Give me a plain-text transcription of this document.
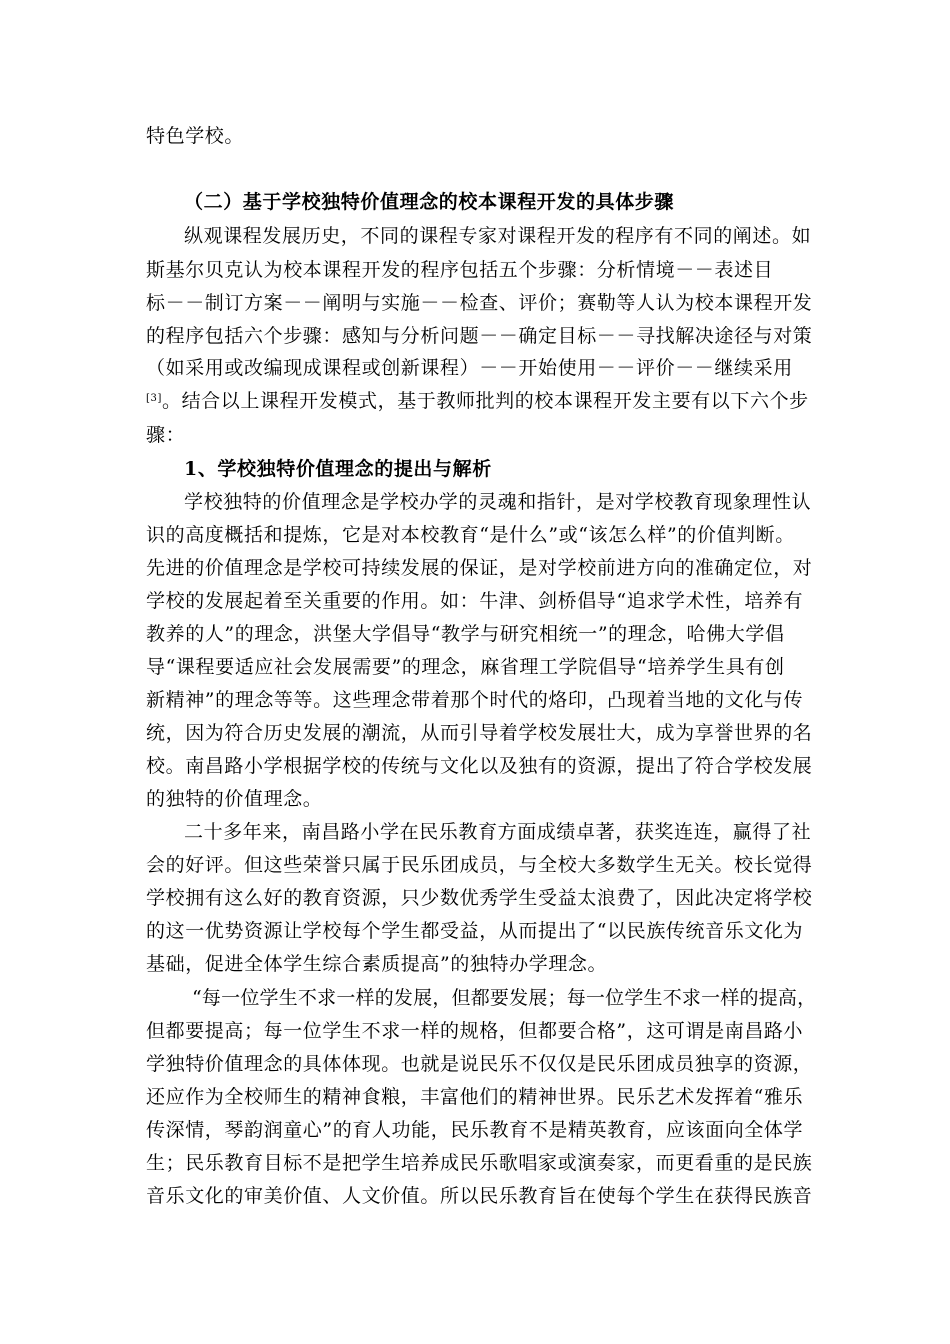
特色学校。

（二）基于学校独特价值理念的校本课程开发的具体步骤

纵观课程发展历史，不同的课程专家对课程开发的程序有不同的阐述。如

斯基尔贝克认为校本课程开发的程序包括五个步骤：分析情境－－表述目

标－－制订方案－－阐明与实施－－检查、评价；赛勒等人认为校本课程开发

的程序包括六个步骤：感知与分析问题－－确定目标－－寻找解决途径与对策

（如采用或改编现成课程或创新课程）－－开始使用－－评价－－继续采用

[3]。结合以上课程开发模式，基于教师批判的校本课程开发主要有以下六个步

骤：

1、学校独特价值理念的提出与解析

学校独特的价值理念是学校办学的灵魂和指针，是对学校教育现象理性认

识的高度概括和提炼，它是对本校教育“是什么”或“该怎么样”的价值判断。

先进的价值理念是学校可持续发展的保证，是对学校前进方向的准确定位，对

学校的发展起着至关重要的作用。如：牛津、剑桥倡导“追求学术性，培养有

教养的人”的理念，洪堡大学倡导“教学与研究相统一”的理念，哈佛大学倡

导“课程要适应社会发展需要”的理念，麻省理工学院倡导“培养学生具有创

新精神”的理念等等。这些理念带着那个时代的烙印，凸现着当地的文化与传

统，因为符合历史发展的潮流，从而引导着学校发展壮大，成为享誉世界的名

校。南昌路小学根据学校的传统与文化以及独有的资源，提出了符合学校发展

的独特的价值理念。

二十多年来，南昌路小学在民乐教育方面成绩卓著，获奖连连，赢得了社

会的好评。但这些荣誉只属于民乐团成员，与全校大多数学生无关。校长觉得

学校拥有这么好的教育资源，只少数优秀学生受益太浪费了，因此决定将学校

的这一优势资源让学校每个学生都受益，从而提出了“以民族传统音乐文化为

基础，促进全体学生综合素质提高”的独特办学理念。

“每一位学生不求一样的发展，但都要发展；每一位学生不求一样的提高，

但都要提高；每一位学生不求一样的规格，但都要合格”，这可谓是南昌路小

学独特价值理念的具体体现。也就是说民乐不仅仅是民乐团成员独享的资源，

还应作为全校师生的精神食粮，丰富他们的精神世界。民乐艺术发挥着“雅乐

传深情，琴韵润童心”的育人功能，民乐教育不是精英教育，应该面向全体学

生；民乐教育目标不是把学生培养成民乐歌唱家或演奏家，而更看重的是民族

音乐文化的审美价值、人文价值。所以民乐教育旨在使每个学生在获得民族音
